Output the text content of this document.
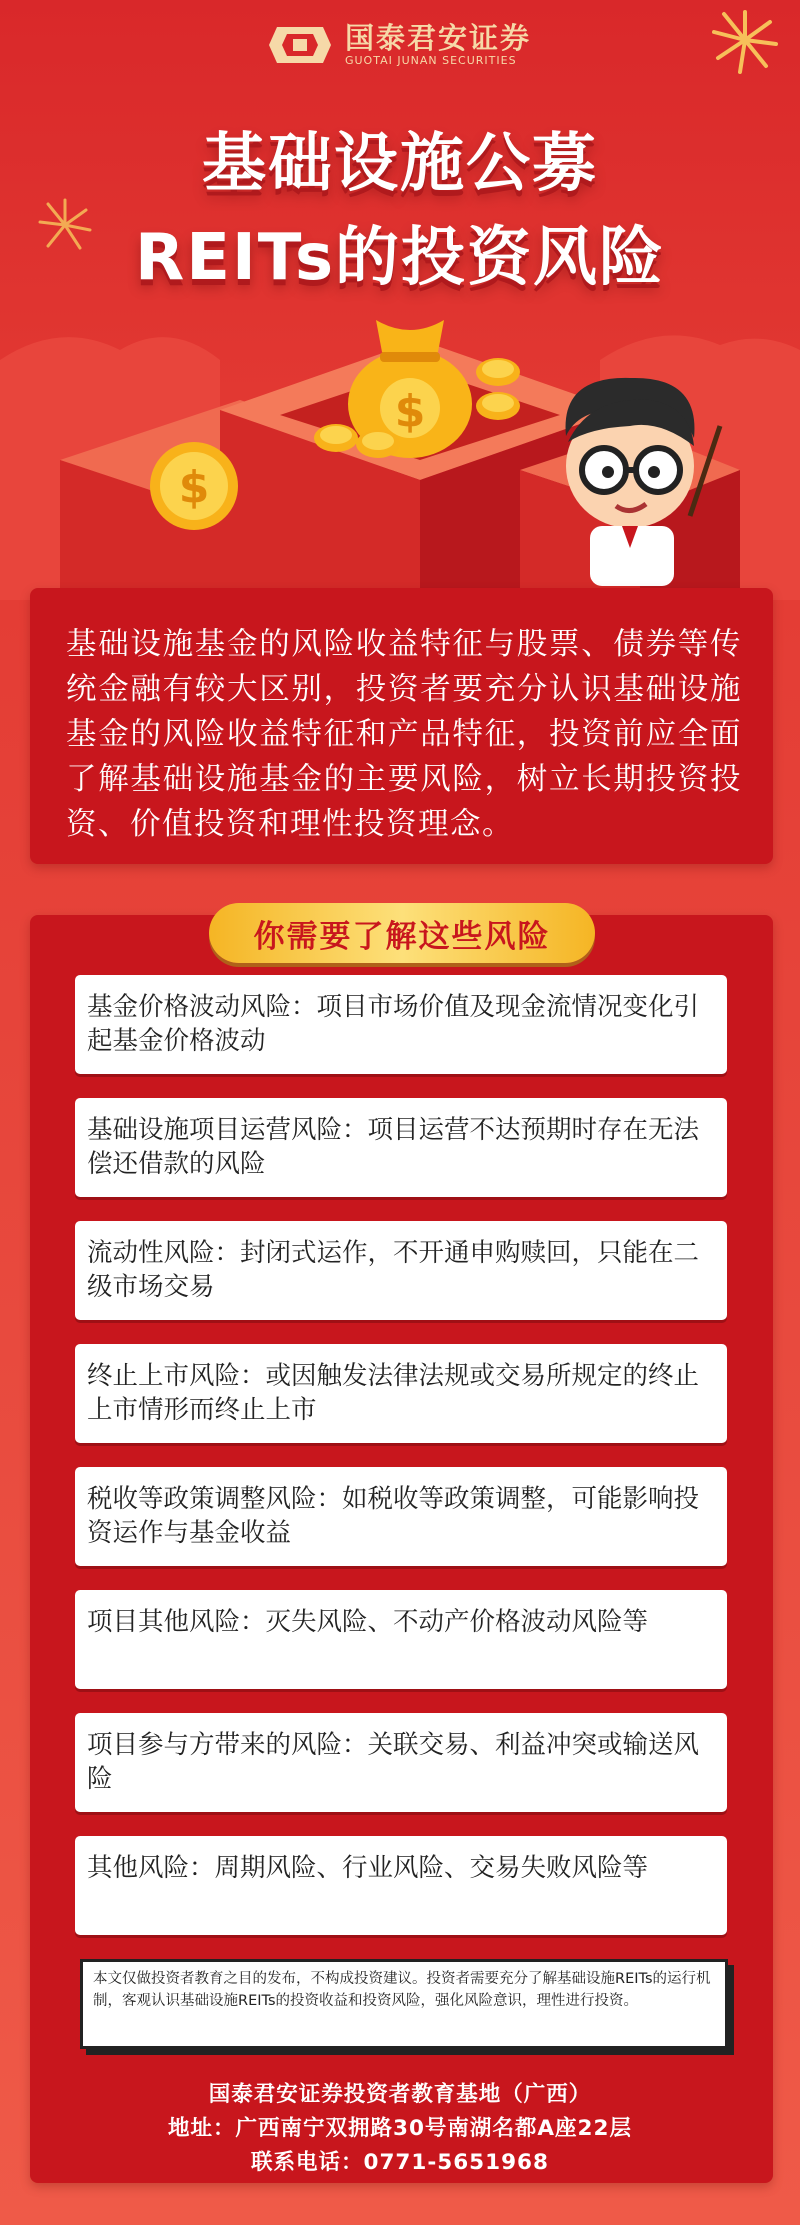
国泰君安证券
GUOTAI JUNAN SECURITIES
基础设施公募
REITs的投资风险
$
$

基础设施基金的风险收益特征与股票、债券等传统金融有较大区别，投资者要充分认识基础设施基金的风险收益特征和产品特征，投资前应全面了解基础设施基金的主要风险，树立长期投资投资、价值投资和理性投资理念。

你需要了解这些风险
基金价格波动风险：项目市场价值及现金流情况变化引起基金价格波动
基础设施项目运营风险：项目运营不达预期时存在无法偿还借款的风险
流动性风险：封闭式运作，不开通申购赎回，只能在二级市场交易
终止上市风险：或因触发法律法规或交易所规定的终止上市情形而终止上市
税收等政策调整风险：如税收等政策调整，可能影响投资运作与基金收益
项目其他风险：灭失风险、不动产价格波动风险等
项目参与方带来的风险：关联交易、利益冲突或输送风险
其他风险：周期风险、行业风险、交易失败风险等
本文仅做投资者教育之目的发布，不构成投资建议。投资者需要充分了解基础设施REITs的运行机制，客观认识基础设施REITs的投资收益和投资风险，强化风险意识，理性进行投资。
国泰君安证券投资者教育基地（广西）
地址：广西南宁双拥路30号南湖名都A座22层
联系电话：0771-5651968
